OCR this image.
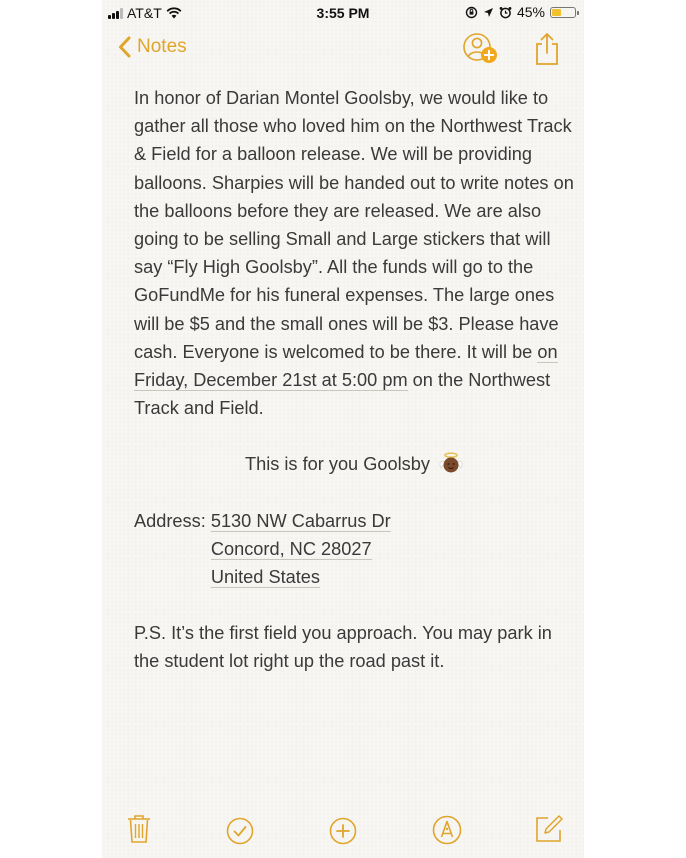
AT&T	3:55 PM	45%
Notes

In honor of Darian Montel Goolsby, we would like to gather all those who loved him on the Northwest Track & Field for a balloon release. We will be providing balloons. Sharpies will be handed out to write notes on the balloons before they are released. We are also going to be selling Small and Large stickers that will say “Fly High Goolsby”. All the funds will go to the GoFundMe for his funeral expenses. The large ones will be $5 and the small ones will be $3. Please have cash. Everyone is welcomed to be there. It will be on Friday, December 21st at 5:00 pm on the Northwest Track and Field.

This is for you Goolsby

Address: 5130 NW Cabarrus Dr
Concord, NC 28027
United States

P.S. It’s the first field you approach. You may park in the student lot right up the road past it.
